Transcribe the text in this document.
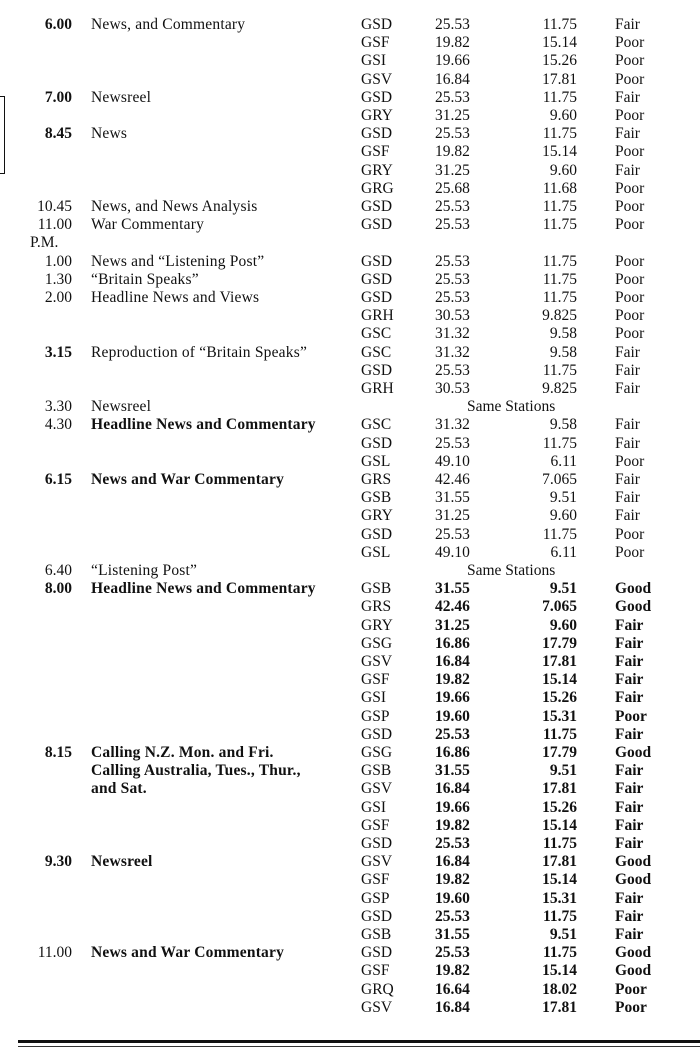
6.00 News, and Commentary	GSD	25.53	11.75 Fair
GSF	19.82	15.14 Poor
GSI	19.66	15.26 Poor
GSV	16.84	17.81 Poor
7.00 Newsreel	GSD	25.53	11.75 Fair
GRY	31.25	9.60 Poor
8.45 News	GSD	25.53	11.75 Fair
GSF	19.82	15.14 Poor
GRY	31.25	9.60 Fair
GRG	25.68	11.68 Poor
10.45 News, and News Analysis	GSD	25.53	11.75 Poor
11.00 War Commentary	GSD	25.53	11.75 Poor
P.M.
1.00 News and “Listening Post”	GSD	25.53	11.75 Poor
1.30 “Britain Speaks”	GSD	25.53	11.75 Poor
2.00 Headline News and Views	GSD	25.53	11.75 Poor
GRH	30.53	9.825 Poor
GSC	31.32	9.58 Poor
3.15 Reproduction of “Britain Speaks”	GSC	31.32	9.58 Fair
GSD	25.53	11.75 Fair
GRH	30.53	9.825 Fair
3.30 Newsreel	Same Stations
4.30 Headline News and Commentary	GSC	31.32	9.58 Fair
GSD	25.53	11.75 Fair
GSL	49.10	6.11 Poor
6.15 News and War Commentary	GRS	42.46	7.065 Fair
GSB	31.55	9.51 Fair
GRY	31.25	9.60 Fair
GSD	25.53	11.75 Poor
GSL	49.10	6.11 Poor
6.40 “Listening Post”	Same Stations
8.00 Headline News and Commentary	GSB	31.55	9.51 Good
GRS	42.46	7.065 Good
GRY	31.25	9.60 Fair
GSG	16.86	17.79 Fair
GSV	16.84	17.81 Fair
GSF	19.82	15.14 Fair
GSI	19.66	15.26 Fair
GSP	19.60	15.31 Poor
GSD	25.53	11.75 Fair
8.15 Calling N.Z. Mon. and Fri.	GSG	16.86	17.79 Good
Calling Australia, Tues., Thur.,	GSB	31.55	9.51 Fair
and Sat.	GSV	16.84	17.81 Fair
GSI	19.66	15.26 Fair
GSF	19.82	15.14 Fair
GSD	25.53	11.75 Fair
9.30 Newsreel	GSV	16.84	17.81 Good
GSF	19.82	15.14 Good
GSP	19.60	15.31 Fair
GSD	25.53	11.75 Fair
GSB	31.55	9.51 Fair
11.00 News and War Commentary	GSD	25.53	11.75 Good
GSF	19.82	15.14 Good
GRQ	16.64	18.02 Poor
GSV	16.84	17.81 Poor
